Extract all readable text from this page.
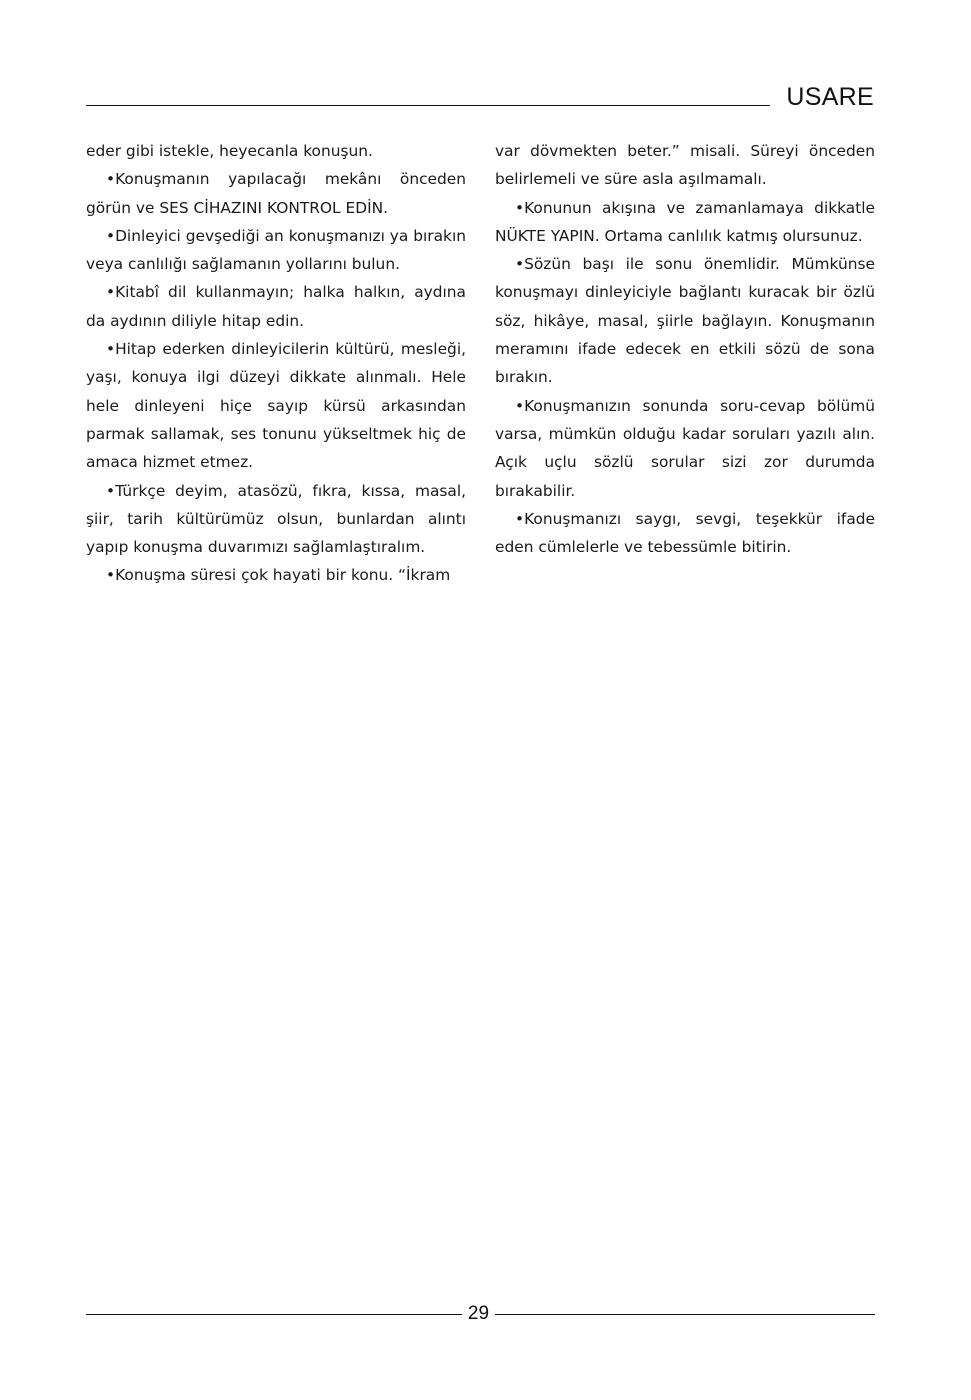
USARE

eder gibi istekle, heyecanla konuşun.

•Konuşmanın yapılacağı mekânı önceden görün ve SES CİHAZINI KONTROL EDİN.

•Dinleyici gevşediği an konuşmanızı ya bırakın veya canlılığı sağlamanın yollarını bulun.

•Kitabî dil kullanmayın; halka halkın, aydına da aydının diliyle hitap edin.

•Hitap ederken dinleyicilerin kültürü, mesleği, yaşı, konuya ilgi düzeyi dikkate alınmalı. Hele hele dinleyeni hiçe sayıp kürsü arkasından parmak sallamak, ses tonunu yükseltmek hiç de amaca hizmet etmez.

•Türkçe deyim, atasözü, fıkra, kıssa, masal, şiir, tarih kültürümüz olsun, bunlardan alıntı yapıp konuşma duvarımızı sağlamlaştıralım.

•Konuşma süresi çok hayati bir konu. “İkram

var dövmekten beter.” misali. Süreyi önceden belirlemeli ve süre asla aşılmamalı.

•Konunun akışına ve zamanlamaya dikkatle NÜKTE YAPIN. Ortama canlılık katmış olursunuz.

•Sözün başı ile sonu önemlidir. Mümkünse konuşmayı dinleyiciyle bağlantı kuracak bir özlü söz, hikâye, masal, şiirle bağlayın. Konuşmanın meramını ifade edecek en etkili sözü de sona bırakın.

•Konuşmanızın sonunda soru-cevap bölümü varsa, mümkün olduğu kadar soruları yazılı alın. Açık uçlu sözlü sorular sizi zor durumda bırakabilir.

•Konuşmanızı saygı, sevgi, teşekkür ifade eden cümlelerle ve tebessümle bitirin.

29
